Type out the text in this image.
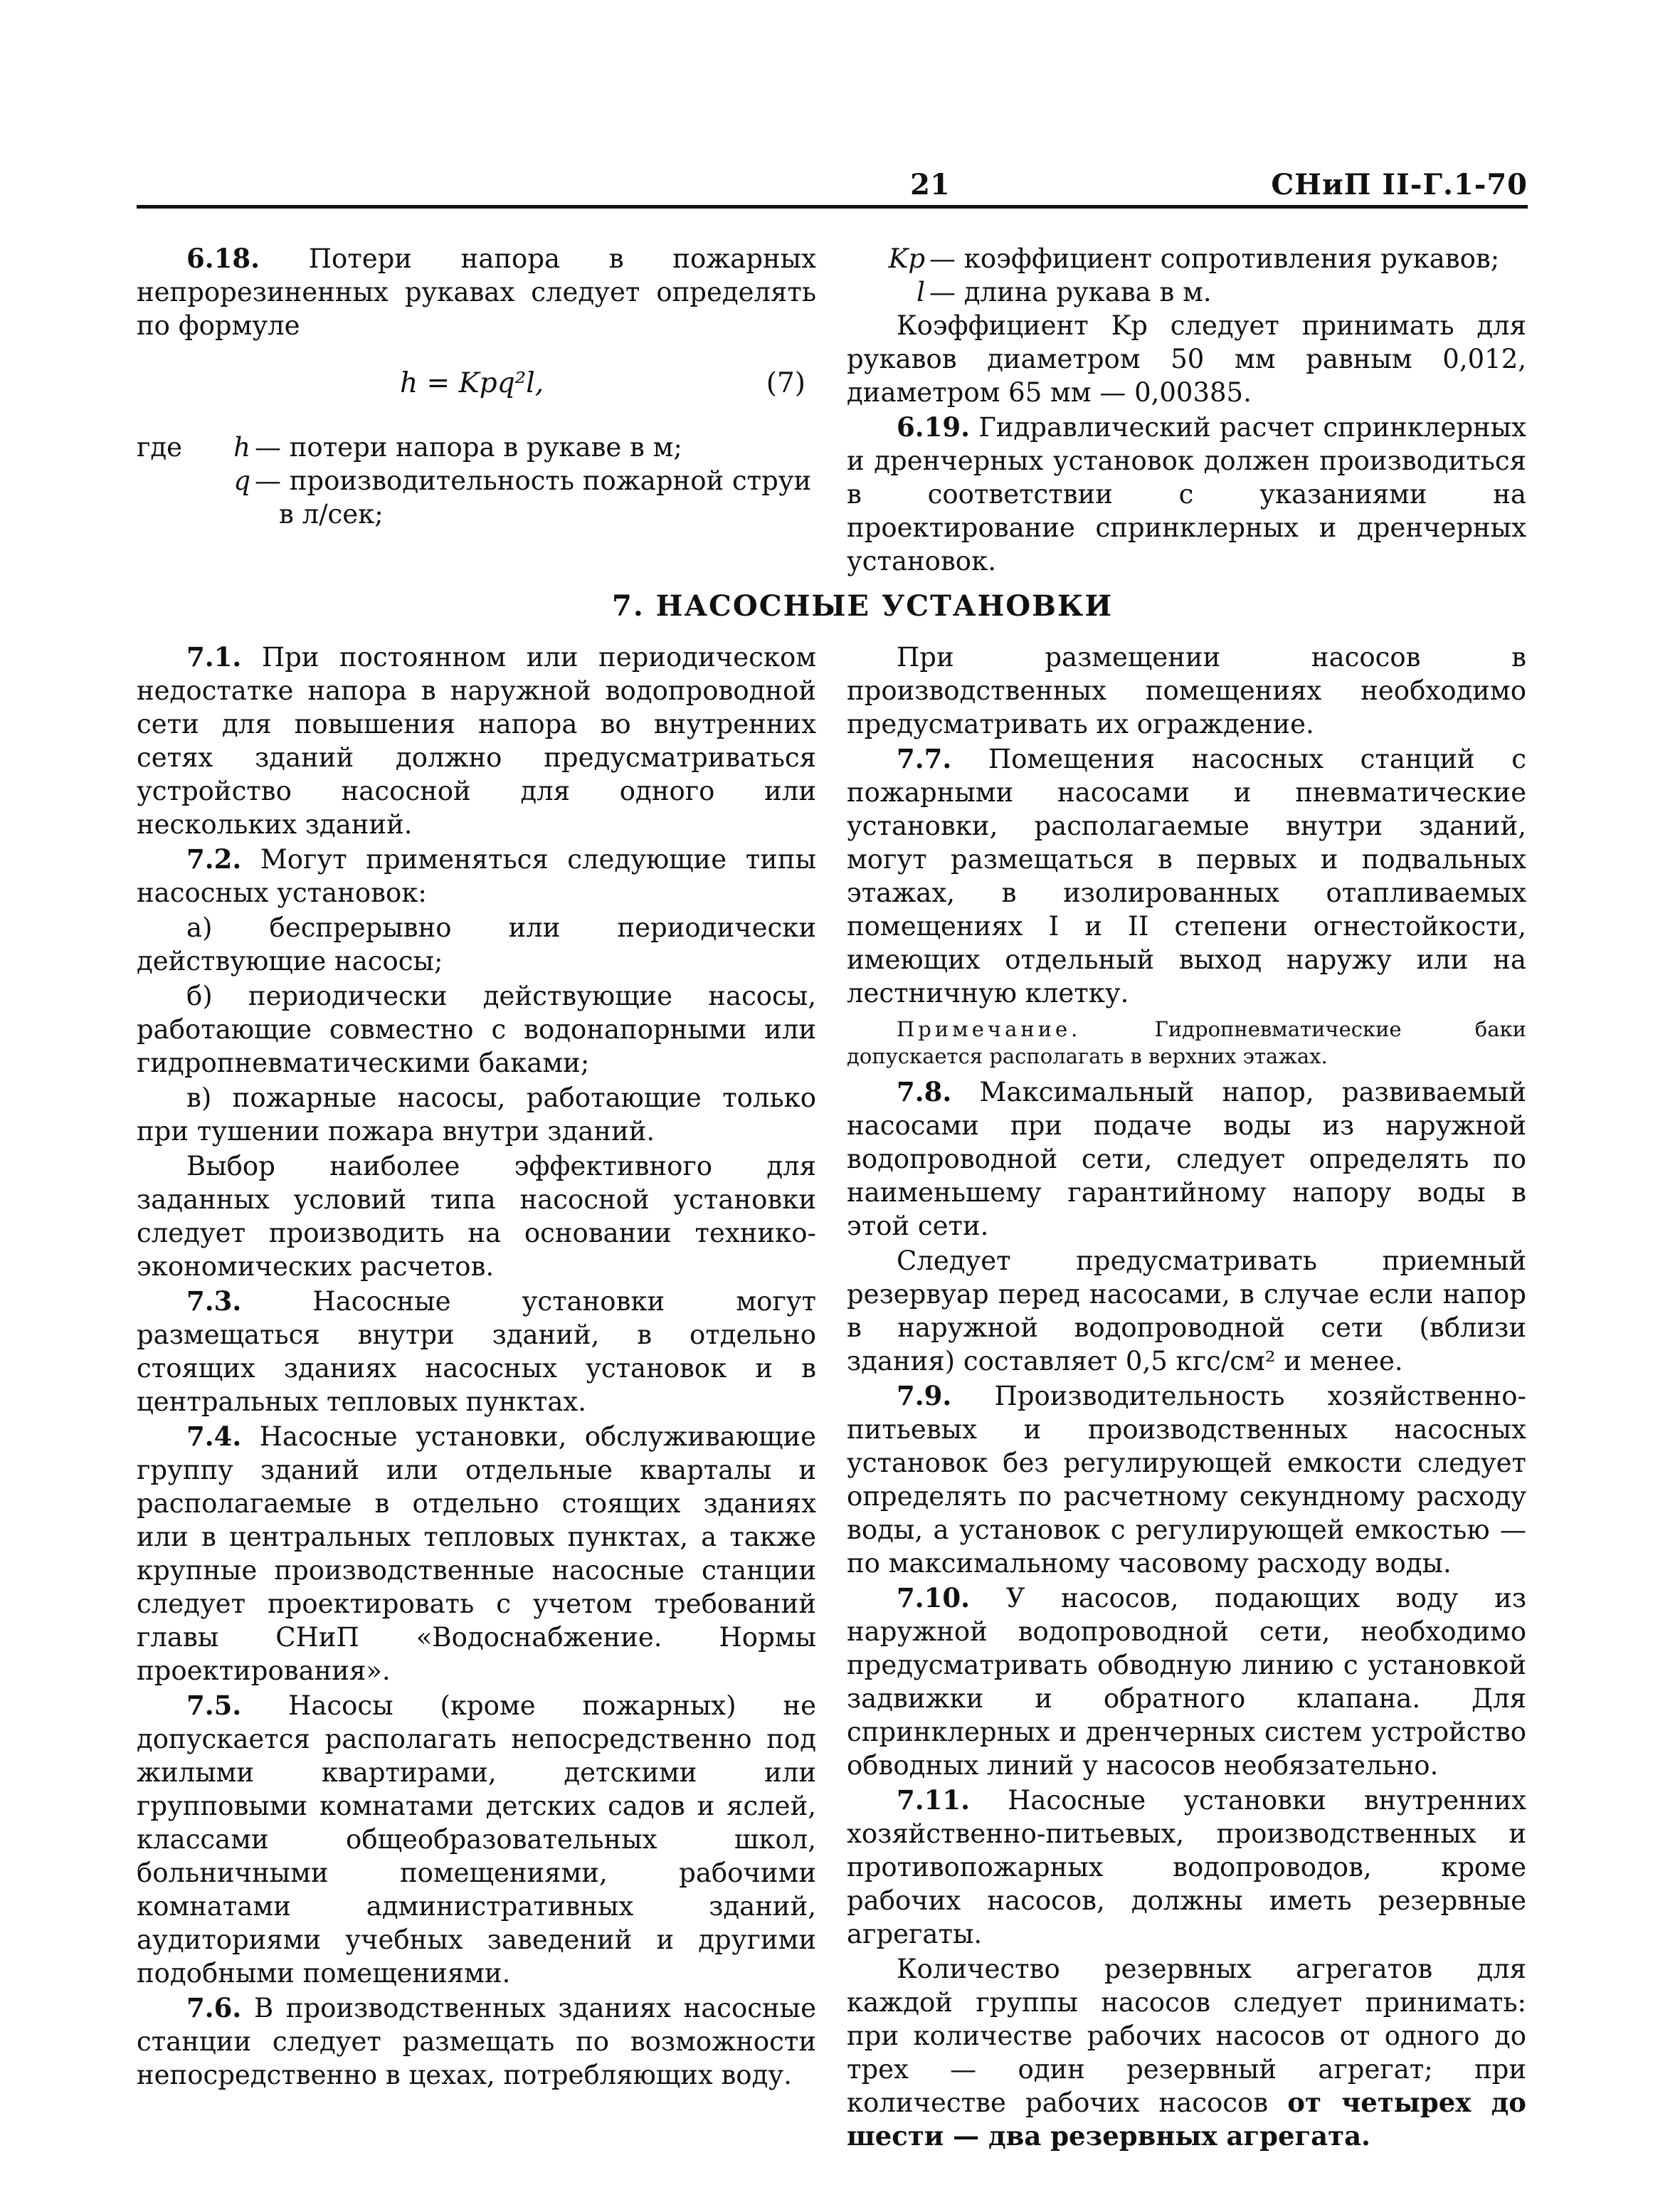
21	СНиП II-Г.1-70

6.18. Потери напора в пожарных непрорезиненных рукавах следует определять по формуле

h = Kрq²l,	(7)
где	h — потери напора в рукаве в м;
q — производительность пожарной струи
в л/сек;
Kр — коэффициент сопротивления рукавов;
l — длина рукава в м.

Коэффициент Kр следует принимать для рукавов диаметром 50 мм равным 0,012, диаметром 65 мм — 0,00385.

6.19. Гидравлический расчет спринклерных и дренчерных установок должен производиться в соответствии с указаниями на проектирование спринклерных и дренчерных установок.

7. НАСОСНЫЕ УСТАНОВКИ

7.1. При постоянном или периодическом недостатке напора в наружной водопроводной сети для повышения напора во внутренних сетях зданий должно предусматриваться устройство насосной для одного или нескольких зданий.

7.2. Могут применяться следующие типы насосных установок:

а) беспрерывно или периодически действующие насосы;

б) периодически действующие насосы, работающие совместно с водонапорными или гидропневматическими баками;

в) пожарные насосы, работающие только при тушении пожара внутри зданий.

Выбор наиболее эффективного для заданных условий типа насосной установки следует производить на основании технико-экономических расчетов.

7.3.	Насосные установки могут размещаться внутри зданий, в отдельно стоящих зданиях насосных установок и в центральных тепловых пунктах.

7.4. Насосные установки, обслуживающие группу зданий или отдельные кварталы и располагаемые в отдельно стоящих зданиях или в центральных тепловых пунктах, а также крупные производственные насосные станции следует проектировать с учетом требований главы СНиП «Водоснабжение. Нормы проектирования».

7.5. Насосы (кроме пожарных) не допускается располагать непосредственно под жилыми квартирами, детскими или групповыми комнатами детских садов и яслей, классами общеобразовательных школ, больничными помещениями, рабочими комнатами административных зданий, аудиториями учебных заведений и другими подобными помещениями.

7.6. В производственных зданиях насосные станции следует размещать по возможности непосредственно в цехах, потребляющих воду.

При размещении насосов в производственных помещениях необходимо предусматривать их ограждение.

7.7. Помещения насосных станций с пожарными насосами и пневматические установки, располагаемые внутри зданий, могут размещаться в первых и подвальных этажах, в изолированных отапливаемых помещениях I и II степени огнестойкости, имеющих отдельный выход наружу или на лестничную клетку.

Примечание.	Гидропневматические баки допускается располагать в верхних этажах.

7.8. Максимальный напор, развиваемый насосами при подаче воды из наружной водопроводной сети, следует определять по наименьшему гарантийному напору воды в этой сети.

Следует предусматривать приемный резервуар перед насосами, в случае если напор в наружной водопроводной сети (вблизи здания) составляет 0,5 кгс/см² и менее.

7.9. Производительность хозяйственно-питьевых и производственных насосных установок без регулирующей емкости следует определять по расчетному секундному расходу воды, а установок с регулирующей емкостью — по максимальному часовому расходу воды.

7.10. У насосов, подающих воду из наружной водопроводной сети, необходимо предусматривать обводную линию с установкой задвижки и обратного клапана. Для спринклерных и дренчерных систем устройство обводных линий у насосов необязательно.

7.11. Насосные установки внутренних хозяйственно-питьевых, производственных и противопожарных водопроводов, кроме рабочих насосов, должны иметь резервные агрегаты.

Количество резервных агрегатов для каждой группы насосов следует принимать: при количестве рабочих насосов от одного до трех — один резервный агрегат; при количестве рабочих насосов от четырех до шести — два резервных агрегата.
